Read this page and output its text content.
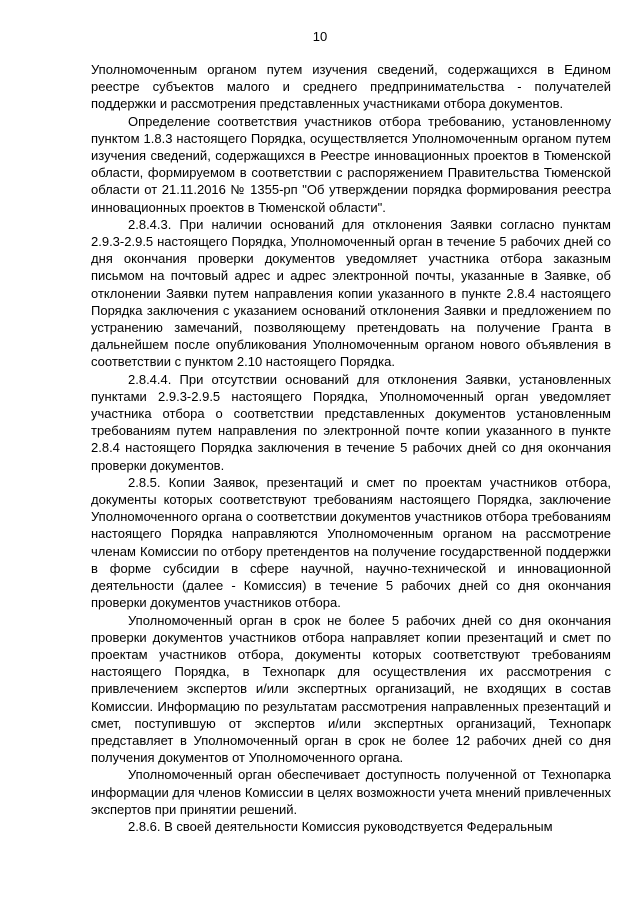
10

Уполномоченным органом путем изучения сведений, содержащихся в Едином реестре субъектов малого и среднего предпринимательства - получателей поддержки и рассмотрения представленных участниками отбора документов.

Определение соответствия участников отбора требованию, установленному пунктом 1.8.3 настоящего Порядка, осуществляется Уполномоченным органом путем изучения сведений, содержащихся в Реестре инновационных проектов в Тюменской области, формируемом в соответствии с распоряжением Правительства Тюменской области от 21.11.2016 № 1355-рп "Об утверждении порядка формирования реестра инновационных проектов в Тюменской области".

2.8.4.3. При наличии оснований для отклонения Заявки согласно пунктам 2.9.3-2.9.5 настоящего Порядка, Уполномоченный орган в течение 5 рабочих дней со дня окончания проверки документов уведомляет участника отбора заказным письмом на почтовый адрес и адрес электронной почты, указанные в Заявке, об отклонении Заявки путем направления копии указанного в пункте 2.8.4 настоящего Порядка заключения с указанием оснований отклонения Заявки и предложением по устранению замечаний, позволяющему претендовать на получение Гранта в дальнейшем после опубликования Уполномоченным органом нового объявления в соответствии с пунктом 2.10 настоящего Порядка.

2.8.4.4. При отсутствии оснований для отклонения Заявки, установленных пунктами 2.9.3-2.9.5 настоящего Порядка, Уполномоченный орган уведомляет участника отбора о соответствии представленных документов установленным требованиям путем направления по электронной почте копии указанного в пункте 2.8.4 настоящего Порядка заключения в течение 5 рабочих дней со дня окончания проверки документов.

2.8.5. Копии Заявок, презентаций и смет по проектам участников отбора, документы которых соответствуют требованиям настоящего Порядка, заключение Уполномоченного органа о соответствии документов участников отбора требованиям настоящего Порядка направляются Уполномоченным органом на рассмотрение членам Комиссии по отбору претендентов на получение государственной поддержки в форме субсидии в сфере научной, научно-технической и инновационной деятельности (далее - Комиссия) в течение 5 рабочих дней со дня окончания проверки документов участников отбора.

Уполномоченный орган в срок не более 5 рабочих дней со дня окончания проверки документов участников отбора направляет копии презентаций и смет по проектам участников отбора, документы которых соответствуют требованиям настоящего Порядка, в Технопарк для осуществления их рассмотрения с привлечением экспертов и/или экспертных организаций, не входящих в состав Комиссии. Информацию по результатам рассмотрения направленных презентаций и смет, поступившую от экспертов и/или экспертных организаций, Технопарк представляет в Уполномоченный орган в срок не более 12 рабочих дней со дня получения документов от Уполномоченного органа.

Уполномоченный орган обеспечивает доступность полученной от Технопарка информации для членов Комиссии в целях возможности учета мнений привлеченных экспертов при принятии решений.

2.8.6. В своей деятельности Комиссия руководствуется Федеральным
